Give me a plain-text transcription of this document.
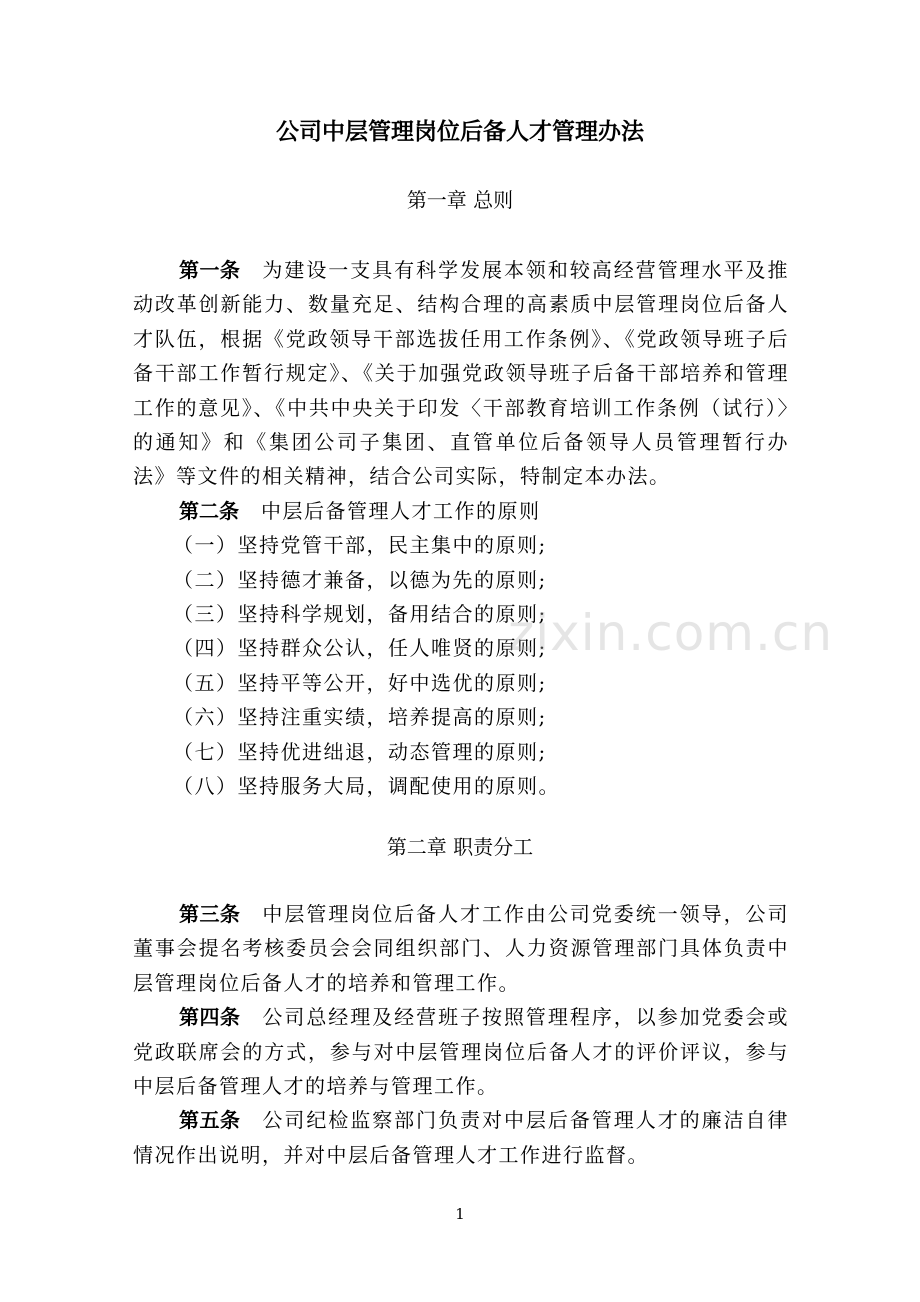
公司中层管理岗位后备人才管理办法
第一章 总则

第一条 为建设一支具有科学发展本领和较高经营管理水平及推动改革创新能力、数量充足、结构合理的高素质中层管理岗位后备人才队伍，根据《党政领导干部选拔任用工作条例》、《党政领导班子后备干部工作暂行规定》、《关于加强党政领导班子后备干部培养和管理工作的意见》、《中共中央关于印发〈干部教育培训工作条例（试行）〉的通知》和《集团公司子集团、直管单位后备领导人员管理暂行办法》等文件的相关精神，结合公司实际，特制定本办法。

第二条 中层后备管理人才工作的原则

（一）坚持党管干部，民主集中的原则;

（二）坚持德才兼备，以德为先的原则;

（三）坚持科学规划，备用结合的原则;

（四）坚持群众公认，任人唯贤的原则;

（五）坚持平等公开，好中选优的原则;

（六）坚持注重实绩，培养提高的原则;

（七）坚持优进绌退，动态管理的原则;

（八）坚持服务大局，调配使用的原则。

第二章 职责分工

第三条 中层管理岗位后备人才工作由公司党委统一领导，公司董事会提名考核委员会会同组织部门、人力资源管理部门具体负责中层管理岗位后备人才的培养和管理工作。

第四条 公司总经理及经营班子按照管理程序，以参加党委会或党政联席会的方式，参与对中层管理岗位后备人才的评价评议，参与中层后备管理人才的培养与管理工作。

第五条 公司纪检监察部门负责对中层后备管理人才的廉洁自律情况作出说明，并对中层后备管理人才工作进行监督。

zixin.com.cn
1
